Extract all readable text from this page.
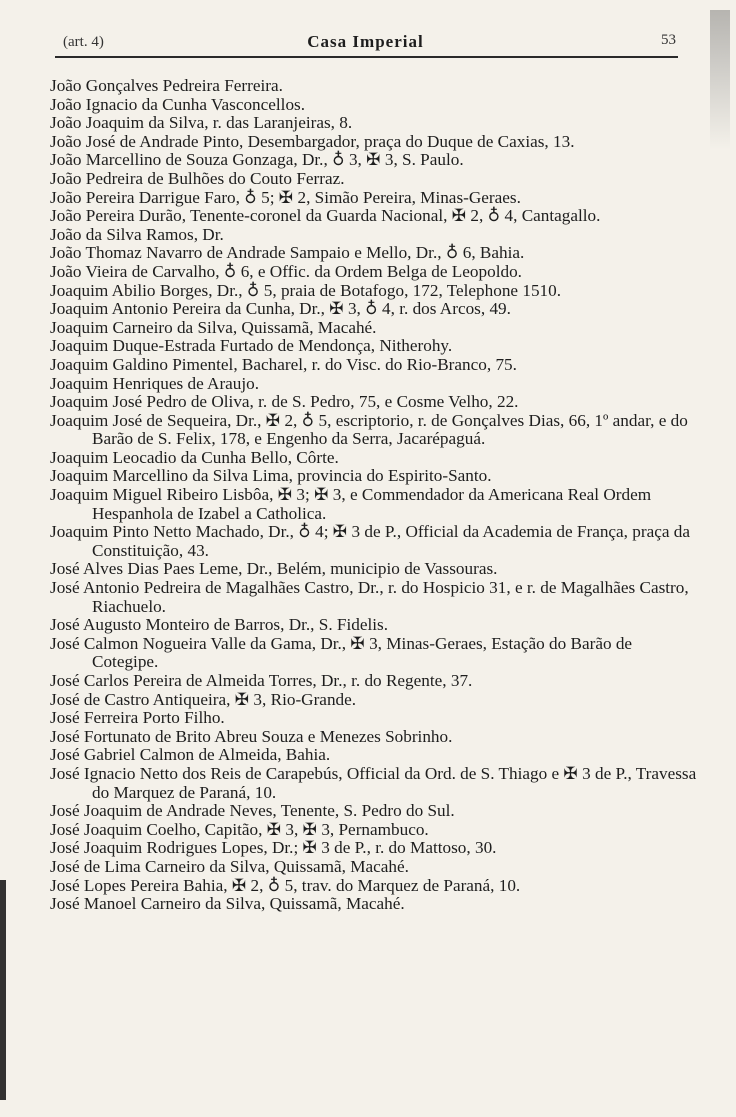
(art. 4)	Casa Imperial	53

João Gonçalves Pedreira Ferreira.

João Ignacio da Cunha Vasconcellos.

João Joaquim da Silva, r. das Laranjeiras, 8.

João José de Andrade Pinto, Desembargador, praça do Duque de Caxias, 13.

João Marcellino de Souza Gonzaga, Dr., ♁ 3, ✠ 3, S. Paulo.

João Pedreira de Bulhões do Couto Ferraz.

João Pereira Darrigue Faro, ♁ 5; ✠ 2, Simão Pereira, Minas-Geraes.

João Pereira Durão, Tenente-coronel da Guarda Nacional, ✠ 2, ♁ 4, Cantagallo.

João da Silva Ramos, Dr.

João Thomaz Navarro de Andrade Sampaio e Mello, Dr., ♁ 6, Bahia.

João Vieira de Carvalho, ♁ 6, e Offic. da Ordem Belga de Leopoldo.

Joaquim Abilio Borges, Dr., ♁ 5, praia de Botafogo, 172, Telephone 1510.

Joaquim Antonio Pereira da Cunha, Dr., ✠ 3, ♁ 4, r. dos Arcos, 49.

Joaquim Carneiro da Silva, Quissamã, Macahé.

Joaquim Duque-Estrada Furtado de Mendonça, Nitherohy.

Joaquim Galdino Pimentel, Bacharel, r. do Visc. do Rio-Branco, 75.

Joaquim Henriques de Araujo.

Joaquim José Pedro de Oliva, r. de S. Pedro, 75, e Cosme Velho, 22.

Joaquim José de Sequeira, Dr., ✠ 2, ♁ 5, escriptorio, r. de Gonçalves Dias, 66, 1º andar, e do Barão de S. Felix, 178, e Engenho da Serra, Jacarépaguá.

Joaquim Leocadio da Cunha Bello, Côrte.

Joaquim Marcellino da Silva Lima, provincia do Espirito-Santo.

Joaquim Miguel Ribeiro Lisbôa, ✠ 3; ✠ 3, e Commendador da Americana Real Ordem Hespanhola de Izabel a Catholica.

Joaquim Pinto Netto Machado, Dr., ♁ 4; ✠ 3 de P., Official da Academia de França, praça da Constituição, 43.

José Alves Dias Paes Leme, Dr., Belém, municipio de Vassouras.

José Antonio Pedreira de Magalhães Castro, Dr., r. do Hospicio 31, e r. de Magalhães Castro, Riachuelo.

José Augusto Monteiro de Barros, Dr., S. Fidelis.

José Calmon Nogueira Valle da Gama, Dr., ✠ 3, Minas-Geraes, Estação do Barão de Cotegipe.

José Carlos Pereira de Almeida Torres, Dr., r. do Regente, 37.

José de Castro Antiqueira, ✠ 3, Rio-Grande.

José Ferreira Porto Filho.

José Fortunato de Brito Abreu Souza e Menezes Sobrinho.

José Gabriel Calmon de Almeida, Bahia.

José Ignacio Netto dos Reis de Carapebús, Official da Ord. de S. Thiago e ✠ 3 de P., Travessa do Marquez de Paraná, 10.

José Joaquim de Andrade Neves, Tenente, S. Pedro do Sul.

José Joaquim Coelho, Capitão, ✠ 3, ✠ 3, Pernambuco.

José Joaquim Rodrigues Lopes, Dr.; ✠ 3 de P., r. do Mattoso, 30.

José de Lima Carneiro da Silva, Quissamã, Macahé.

José Lopes Pereira Bahia, ✠ 2, ♁ 5, trav. do Marquez de Paraná, 10.

José Manoel Carneiro da Silva, Quissamã, Macahé.
